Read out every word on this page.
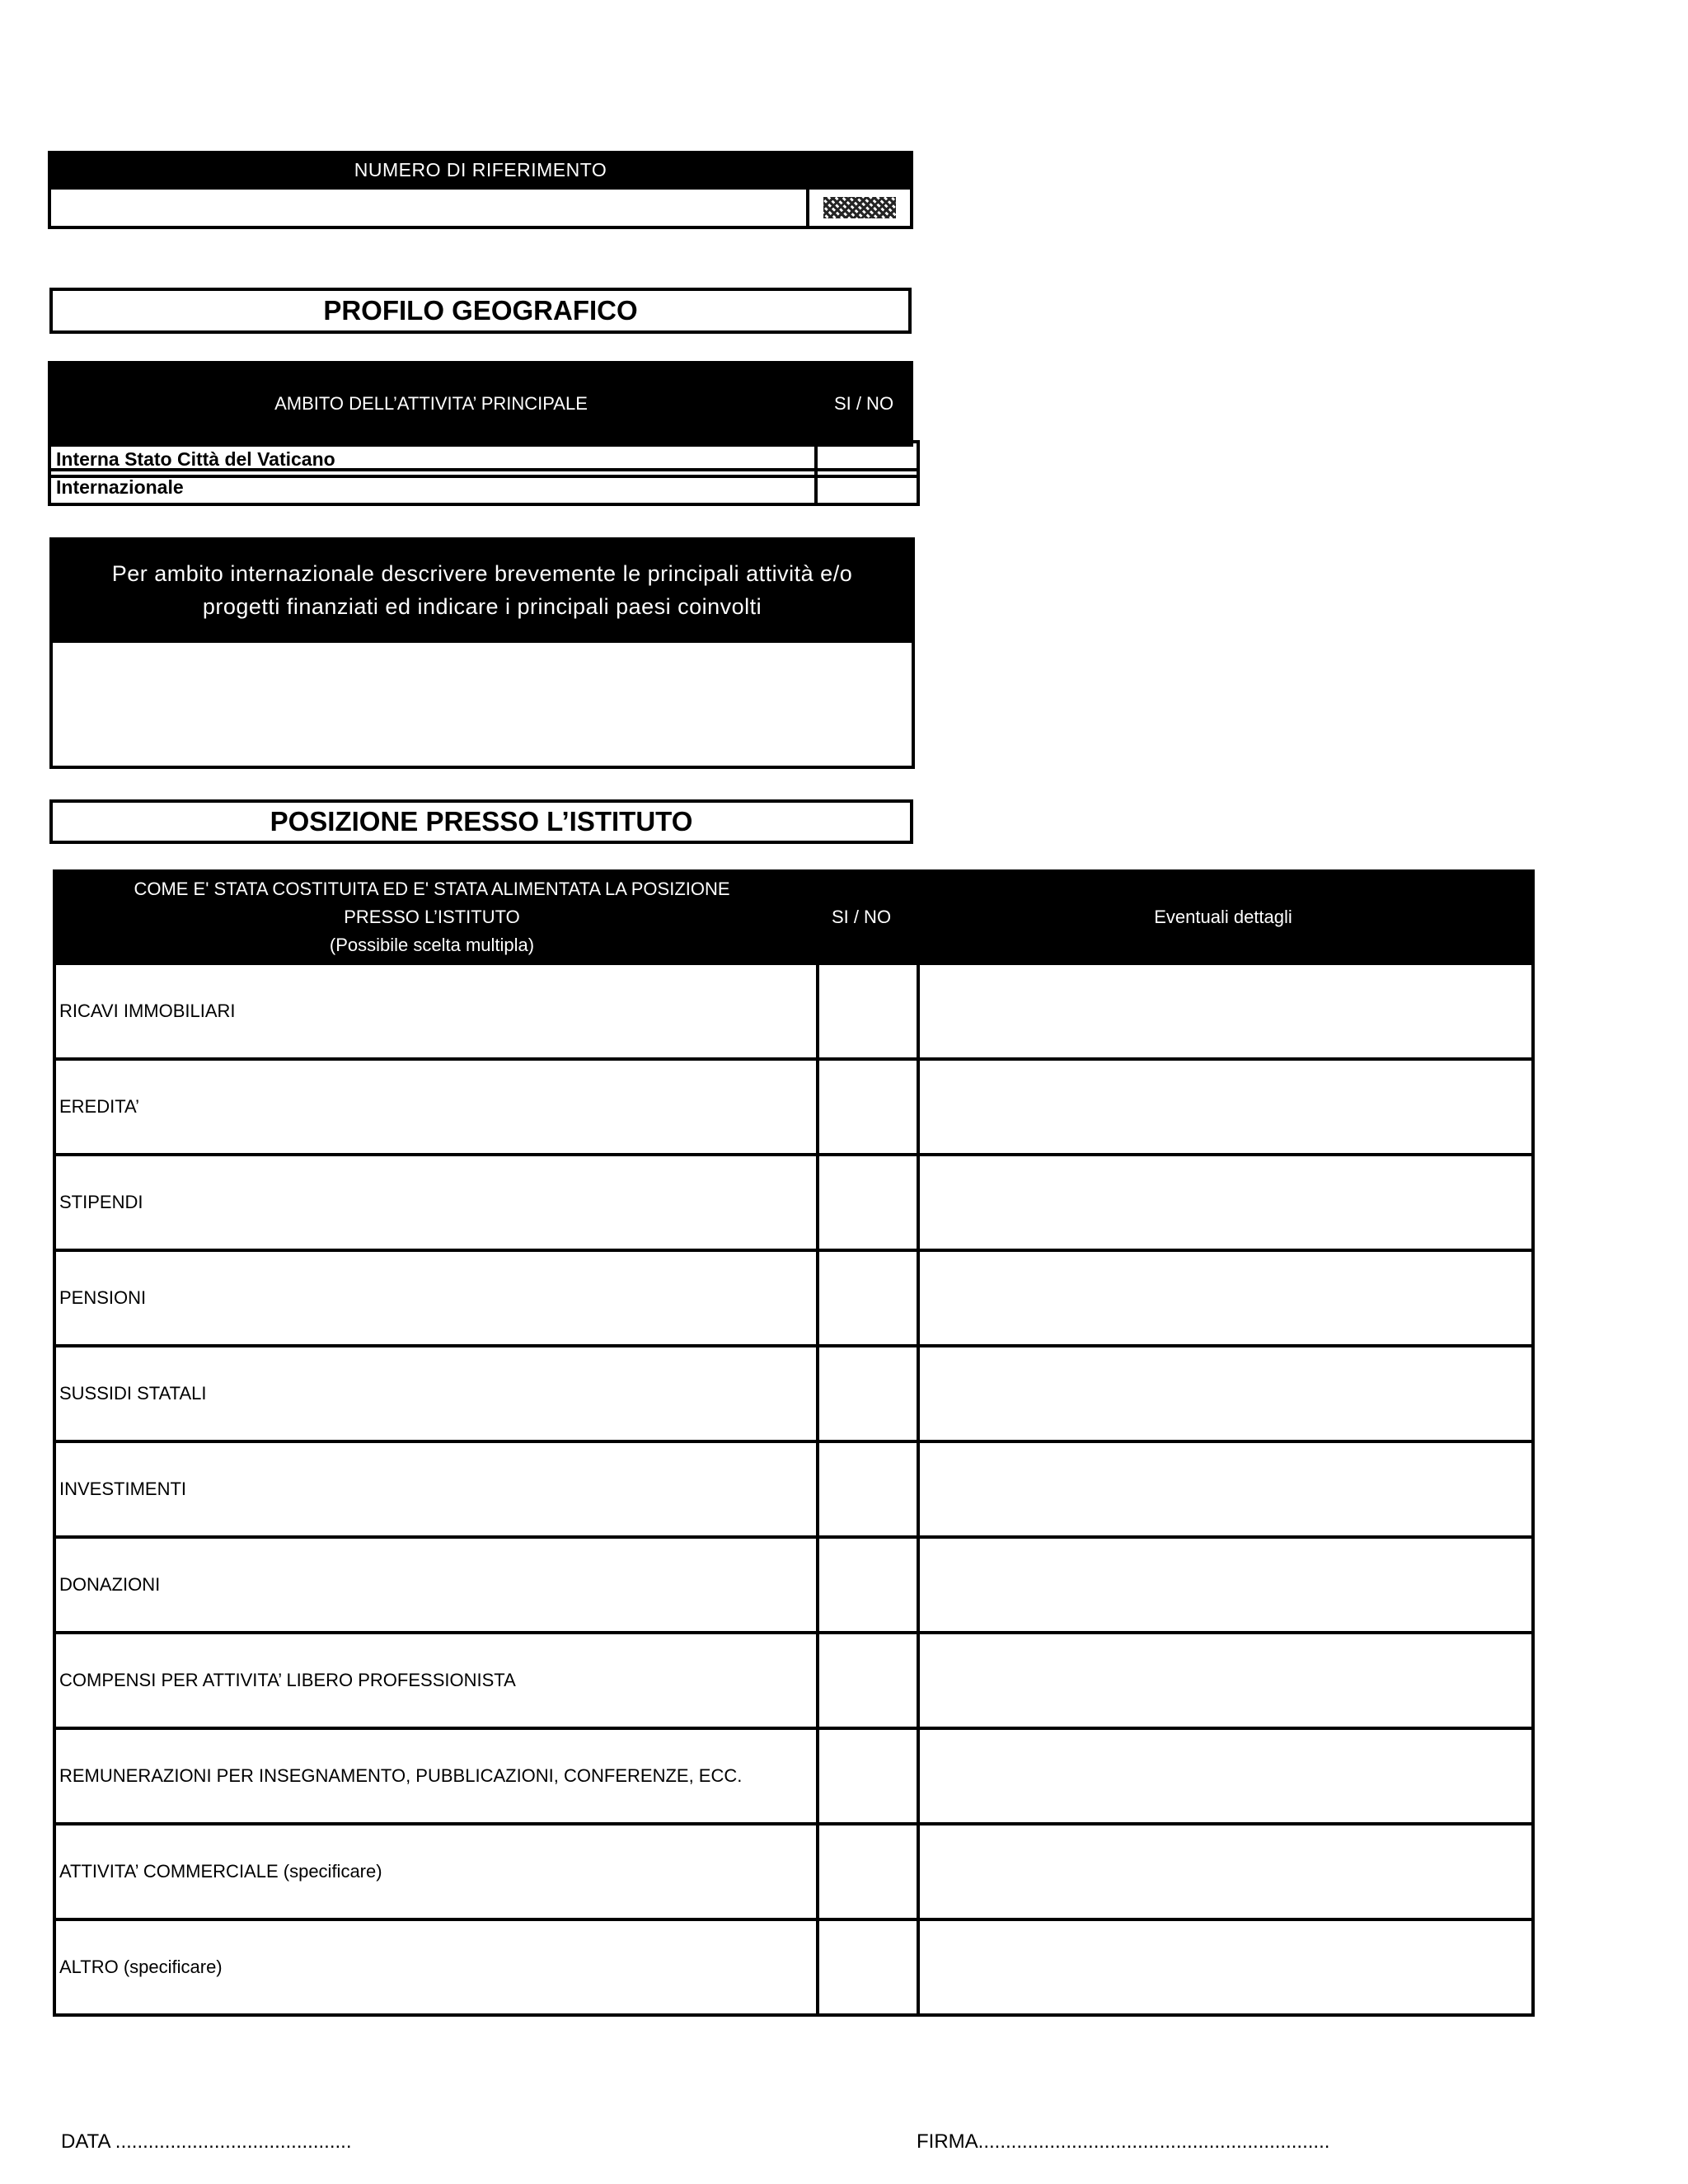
NUMERO DI RIFERIMENTO
PROFILO GEOGRAFICO
AMBITO DELL’ATTIVITA’ PRINCIPALE	SI / NO
Interna Stato Città del Vaticano
Internazionale
Per ambito internazionale descrivere brevemente le principali attività e/o progetti finanziati ed indicare i principali paesi coinvolti
POSIZIONE PRESSO L’ISTITUTO
COME E' STATA COSTITUITA ED E' STATA ALIMENTATA LA POSIZIONE
PRESSO L’ISTITUTO
(Possibile scelta multipla)
SI / NO	Eventuali dettagli
RICAVI IMMOBILIARI
EREDITA’
STIPENDI
PENSIONI
SUSSIDI STATALI
INVESTIMENTI
DONAZIONI
COMPENSI PER ATTIVITA’ LIBERO PROFESSIONISTA
REMUNERAZIONI PER INSEGNAMENTO, PUBBLICAZIONI, CONFERENZE, ECC.
ATTIVITA’ COMMERCIALE (specificare)
ALTRO (specificare)
DATA ...........................................	FIRMA................................................................
